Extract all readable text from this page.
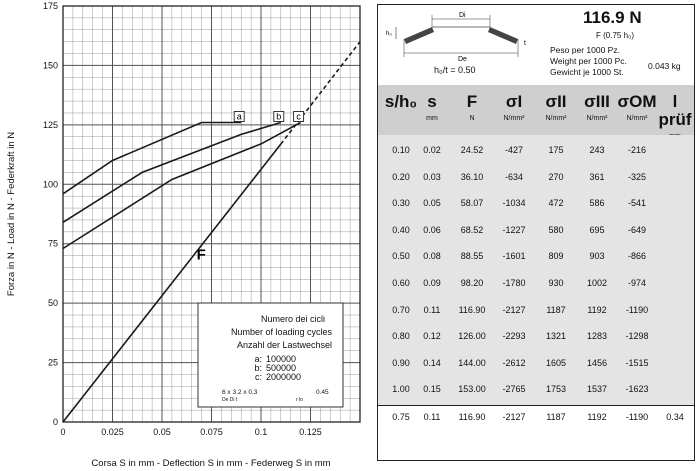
0	0.025	0.05	0.075	0.1	0.125
0
25
50
75
100
125
150
175
a	b c
F
Corsa S in mm - Deflection S in mm - Federweg S in mm
Forza in N - Load in N - Federkraft in N
Numero dei cicli
Number of loading cycles
Anzahl der Lastwechsel
a: 100000
b: 500000
c: 2000000
6 x 3.2 x 0.3
De Di t
0.45
r lo
Di
De
h₀
t
h₀/t = 0.50
116.9 N
F (0.75 h₀)
Peso per 1000 Pz.
Weight per 1000 Pc. 0.043 kg
Gewicht je 1000 St.
s/h₀ s
mm
F
N
σI
N/mm²
σII
N/mm²
σIII
N/mm²
σOM
N/mm²
l prüf
0.10	0.02	24.52	-427	175	243	-216
0.20	0.03	36.10	-634	270	361	-325
0.30	0.05	58.07	-1034	472	586	-541
0.40	0.06	68.52	-1227	580	695	-649
0.50	0.08	88.55	-1601	809	903	-866
0.60	0.09	98.20	-1780	930	1002	-974
0.70	0.11	116.90	-2127	1187	1192	-1190
0.80	0.12	126.00	-2293	1321	1283	-1298
0.90	0.14	144.00	-2612	1605	1456	-1515
1.00	0.15	153.00	-2765	1753	1537	-1623
0.75	0.11	116.90	-2127	1187	1192	-1190	0.34
